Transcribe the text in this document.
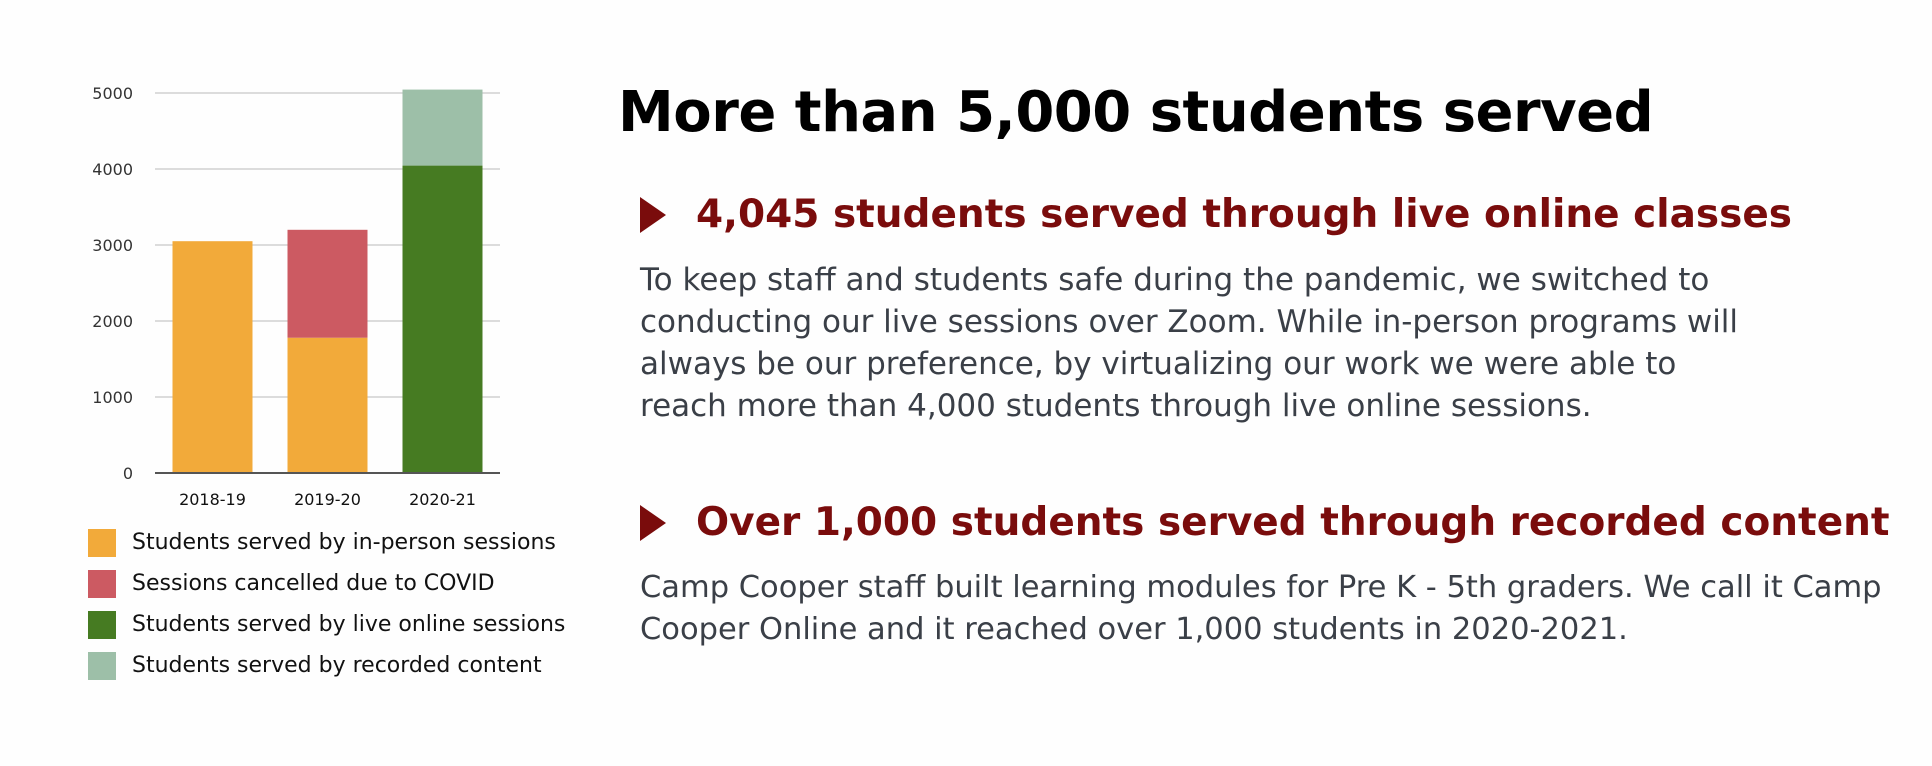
0
1000
2000
3000
4000
5000
2018-19	2019-20	2020-21
Students served by in-person sessions
Sessions cancelled due to COVID
Students served by live online sessions
Students served by recorded content
More than 5,000 students served
4,045 students served through live online classes

To keep staff and students safe during the pandemic, we switched to conducting our live sessions over Zoom. While in-person programs will always be our preference, by virtualizing our work we were able to reach more than 4,000 students through live online sessions.

Over 1,000 students served through recorded content

Camp Cooper staff built learning modules for Pre K - 5th graders. We call it Camp Cooper Online and it reached over 1,000 students in 2020-2021.
